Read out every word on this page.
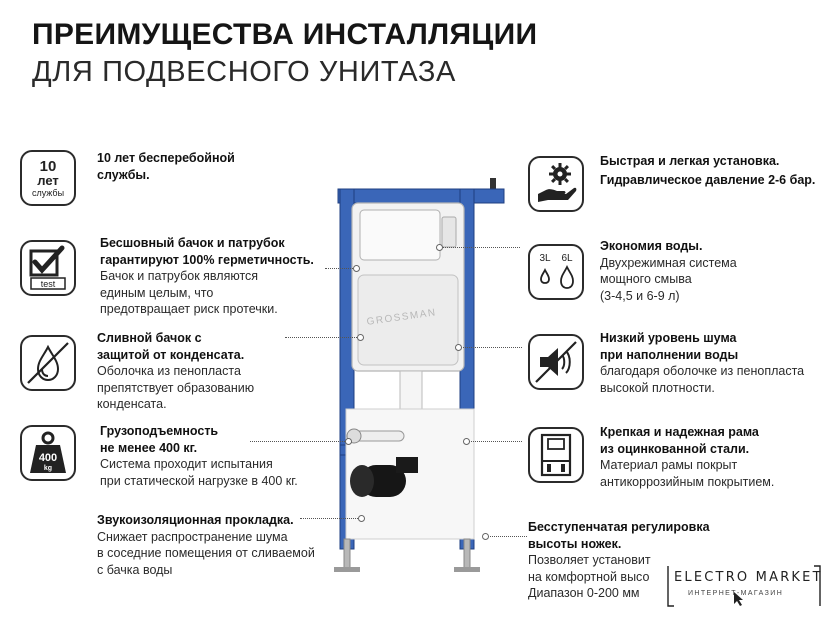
ПРЕИМУЩЕСТВА ИНСТАЛЛЯЦИИ
ДЛЯ ПОДВЕСНОГО УНИТАЗА
10
лет
службы
test
400
kg
3L 6L
10 лет бесперебойной
службы.
Бесшовный бачок и патрубок
гарантируют 100% герметичность.
Бачок и патрубок являются
единым целым, что
предотвращает риск протечки.
Сливной бачок с
защитой от конденсата.
Оболочка из пенопласта
препятствует образованию
конденсата.
Грузоподъемность
не менее 400 кг.
Система проходит испытания
при статической нагрузке в 400 кг.
Звукоизоляционная прокладка.
Снижает распространение шума
в соседние помещения от сливаемой
с бачка воды
Быстрая и легкая установка.
Гидравлическое давление 2-6 бар.
Экономия воды.
Двухрежимная система
мощного смыва
(3-4,5 и 6-9 л)
Низкий уровень шума
при наполнении воды
благодаря оболочке из пенопласта
высокой плотности.
Крепкая и надежная рама
из оцинкованной стали.
Материал рамы покрыт
антикоррозийным покрытием.
Бесступенчатая регулировка
высоты ножек.
Позволяет установит
на комфортной высо
Диапазон 0-200 мм
GROSSMAN
ELECTRO MARKET
ИНТЕРНЕТ-МАГАЗИН
